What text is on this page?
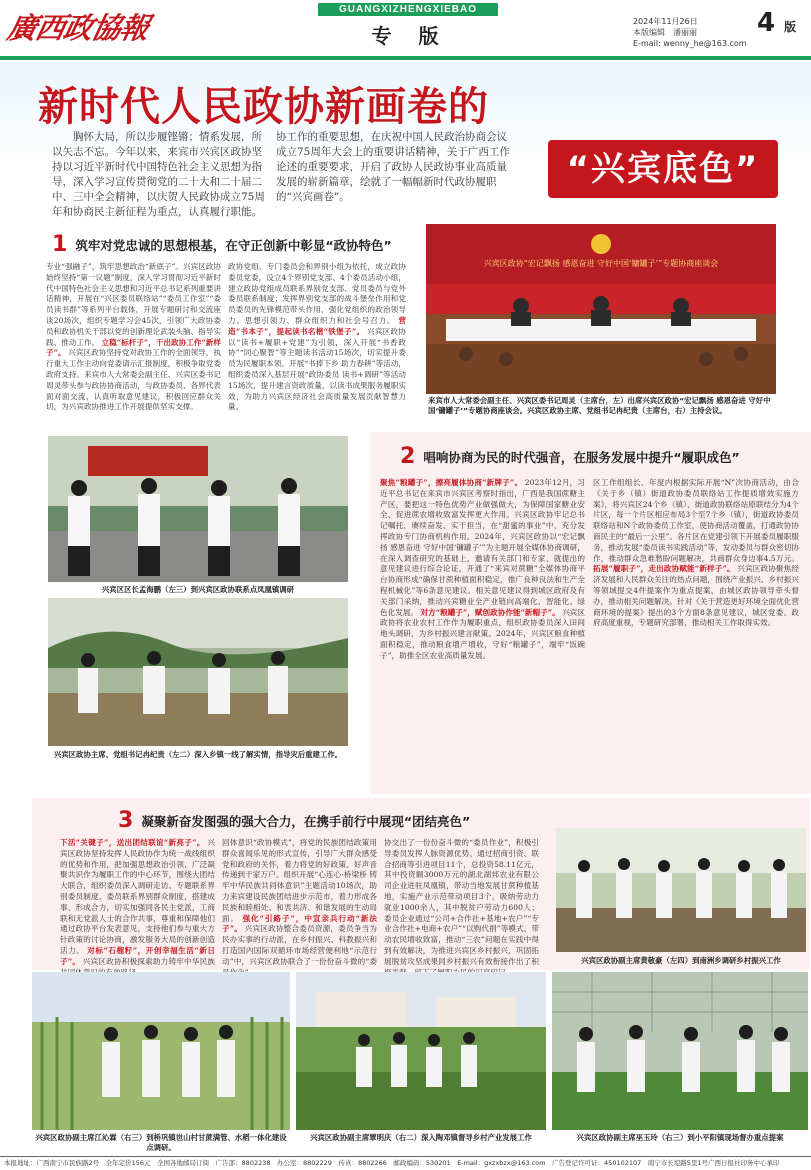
廣西政協報
GUANGXIZHENGXIEBAO
专 版
2024年11月26日
本版编辑　潘丽丽
E-mail: wenny_he@163.com
4 版
新时代人民政协新画卷的
“兴宾底色”
胸怀大局，所以步履铿锵；情系发展，所以矢志不忘。今年以来，来宾市兴宾区政协坚持以习近平新时代中国特色社会主义思想为指导，深入学习宣传贯彻党的二十大和二十届二中、三中全会精神，以庆贺人民政协成立75周年和协商民主新征程为重点，认真履行职能。
协工作的重要思想，在庆祝中国人民政治协商会议成立75周年大会上的重要讲话精神，关于广西工作论述的重要要求，开启了政协人民政协事业高质量发展的崭新篇章，绘就了一幅幅新时代政协履职的“兴宾画卷”。
1 筑牢对党忠诚的思想根基，在守正创新中彰显“政协特色”
专业“强融子”，筑牢思想政治“新底子”。兴宾区政协始终坚持“第一议题”制度，深入学习贯彻习近平新时代中国特色社会主义思想和习近平总书记系列重要讲话精神，开展在“兴区委员联络站”“委员工作室”“委员读书群”等系列平台载体，开展专题研讨和交流座谈20场次，组织专题学习会45次，引领广大政协委员和政协机关干部以党的创新理论武装头脑、指导实践、推动工作。 立稳“标杆子”，干出政协工作“新样子”。 兴宾区政协坚持党对政协工作的全面领导，执行重大工作主动向党委请示汇报制度，积极争取党委政府支持。来宾市人大常委会副主任、兴宾区委书记周灵带头参与政协协商活动，与政协委员、各界代表面对面交流，认真听取意见建议，积极回应群众关切，为兴宾政协推进工作开展提供坚实支撑。
政协党组、专门委员会和界别小组为依托，成立政协委员党委，设立4个界别党支部、4个委员活动小组，建立政协党组成员联系界别党支部、党员委员与党外委员联系制度；发挥界别党支部的战斗堡垒作用和党员委员的先锋模范带头作用，强化党组织的政治领导力、思想引领力、群众组织力和社会号召力。 营造“书本子”，提起读书名楷“铁堡子”。 兴宾区政协以“读书+履职+党建”为引领，深入开展“书香政协”“同心聚智”等主题读书活动15场次，切实提升委员为民履职本领。开展“书捧下乡 助力春耕”等活动，组织委员深入基层开展“政协委员 读书+调研”等活动15场次，提升建言资政质量，以读书成果服务履职实效，为助力兴宾区经济社会高质量发展贡献智慧力量。
兴宾区政协“宏记飘扬 感恩奋进 守好中国‘镛罐子’”专题协商座谈会
来宾市人大常委会副主任、兴宾区委书记周灵（主席台，左）出席兴宾区政协“宏记飘扬 感恩奋进 守好中国‘镛罐子’”专题协商座谈会。兴宾区政协主席、党组书记冉纪贵（主席台，右）主持会议。
兴宾区区长孟海鹏（左三）到兴宾区政协联系点凤凰镇调研
兴宾区政协主席、党组书记冉纪贵（左二）深入乡镇一线了解实情，指导灾后重建工作。
2 唱响协商为民的时代强音，在服务发展中提升“履职成色”
聚焦“粮罐子”，擦亮履体协商“新牌子”。 2023年12月，习近平总书记在来宾市兴宾区考察时指出，广西是我国蔗糖主产区，要把这一特色优势产业做强做大，为保障国家糖业安全、促进蔗农增收致富发挥更大作用。兴宾区政协牢记总书记嘱托，赓续奋发、实干担当，在“甜蜜的事业”中，充分发挥政协专门协商机构作用。2024年，兴宾区政协以“宏记飘扬 感恩奋进 守好中国‘镛罐子’”为主题开展全媒体协商调研，在深入调查研究的基础上，邀请有关部门和专家、就提出的意见建议进行综合论证，开通了“来宾对蔗糖”全媒体协商平台协商形成“确保甘蔗种植面积稳定，推广良种良法和生产全程机械化”等6条意见建议。相关意见建议得到城区政府及有关部门采纳，推动兴宾糖业全产业链向高端化、智能化、绿色化发展。 对方“粮罐子”，赋创政协作能“新帽子”。 兴宾区政协将农业农村工作作为履职重点，组织政协委员深入田间地头调研，为乡村振兴建言献策。2024年，兴宾区粮食种植面积稳定，推动粮食增产增收，守好“粮罐子”，端牢“饭碗子”，助推全区农业高质量发展。
区工作组组长、年度内根据实际开展“N”次协商活动，由合《关于乡（镇）街道政协委员联络站工作提质增效实施方案》，将兴宾区24个乡（镇）、街道政协联络站原联结分为4个片区，每一个片区相应布局3个至7个乡（镇），街道政协委员联络站和N个政协委员工作室，使协商活动覆盖，打通政协协商民主的“最后一公里”。各片区在党建引领下开展委员履职服务，推动发展“委员读书实践活动”等，发动委员与群众密切协作，推动群众急难愁盼问题解决，共商群众身边事4.5万元。 拓展“履职子”，走出政协赋能“新样子”。 兴宾区政协聚焦经济发展和人民群众关注的热点问题，围绕产业振兴、乡村振兴等领域提交4件提案作为重点提案，由城区政协领导牵头督办，推动相关问题解决。针对《关于营造更好环境全面优化营商环境的提案》提出的3个方面8条意见建议，城区党委、政府高度重视，专题研究部署，推动相关工作取得实效。
3 凝聚新奋发图强的强大合力，在携手前行中展现“团结亮色”
下活“关键子”，送出团结联谊“新亮子”。 兴宾区政协坚持发挥人民政协作为统一战线组织的优势和作用，把加强思想政治引领、广泛凝聚共识作为履职工作的中心环节，围绕大团结大联合，组织委员深入调研走访、专题联系界别委员制度、委员联系界别群众制度，搭建成事、形成合力，切实加强同各民主党派、工商联和无党派人士的合作共事，尊重和保障他们通过政协平台发表意见，支持他们参与重大方针政策的讨论协商，激发服务大局的创新创造活力。 对标“石榴籽”，开创幸福生活“新日子”。 兴宾区政协积极探索助力铸牢中华民族
回体意识“政协模式”，将党的民族团结政策用群众喜闻乐见的形式宣传，引导广大群众感受党和政府的关怀，着力将党的好政策、好声音传递到千家万户。组织开展“心连心·桥梁桥 铸牢中华民族共同体意识”主题活动10场次，助力来宾建设民族团结进步示范市，着力形成各民族和睦相处、和衷共济、和谐发展的生动局面。 强化“引路子”，中宣亲兵行动“新法子”。 兴宾区政协整合委员资源，委员争当为民办实事的行动派，在乡村振兴、科教振兴和打造国内国际双循环市场经营便利地“示范行动”中，兴宾区政协联合了一份份奋斗微的“委
协交出了一份份奋斗微的“委员作业”，积极引导委员发挥人脉资源优势、通过招商引资、联合招商等引进项目11个，总投资58.11亿元，其中投资额3000万元的湖北湖邦农业有限公司企业进驻凤凰镇，带动当地发展甘蔗种植基地，实施产业示范带动项目3个，吸纳劳动力就业1000余人，其中脱贫户劳动力600人；委员企业通过“公司+合作社+基地+农户”“专业合作社+电商+农户”“以购代捐”等模式，带动农民增收致富，推动“三农”问题在实践中得到有效解决，为推进兴宾区乡村振兴，巩固拓展脱贫攻坚成果同乡村振兴有效衔接作出了积	兴宾区政协副主席黄敬豪（左四）到南洲乡调研乡村振兴工作
兴宾区政协副主席江沁霖（右三）到桥巩镇岜山村甘蔗满管、水稻一体化建设点调研。
兴宾区政协副主席覃明庆（右二）深入陶邓镇督导乡村产业发展工作	兴宾区政协副主席巫玉玲（右三）到小平阳镇现场督办重点提案
本报地址：广西南宁市民族路2号　全年定价156元　全国各地邮局订阅　广告部：8802238　办公室：8802229　传真：8802266　邮政编码：530201　E-mail：gxzxbzx@163.com　广告登记许可证：450102107　南宁市长堤路5里1号广西日报社印务中心承印
